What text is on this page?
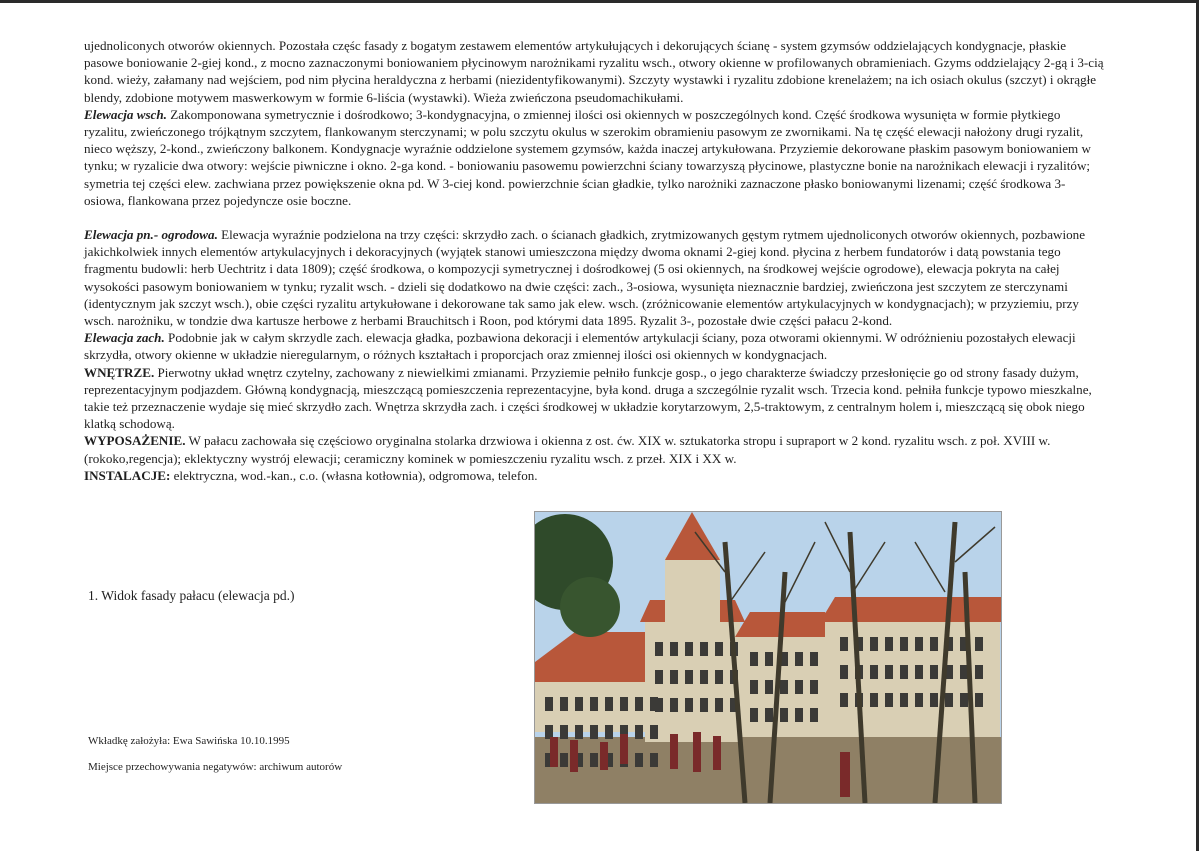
ujednoliconych otworów okiennych. Pozostała częśc fasady z bogatym zestawem elementów artykułujących i dekorujących ścianę - system gzymsów oddzielających kondygnacje, płaskie pasowe boniowanie 2-giej kond., z mocno zaznaczonymi boniowaniem płycinowym narożnikami ryzalitu wsch., otwory okienne w profilowanych obramieniach. Gzyms oddzielający 2-gą i 3-cią kond. wieży, załamany nad wejściem, pod nim płycina heraldyczna z herbami (niezidentyfikowanymi). Szczyty wystawki i ryzalitu zdobione krenelażem; na ich osiach okulus (szczyt) i okrągłe blendy, zdobione motywem maswerkowym w formie 6-liścia (wystawki). Wieża zwieńczona pseudomachikułami.

Elewacja wsch. Zakomponowana symetrycznie i dośrodkowo; 3-kondygnacyjna, o zmiennej ilości osi okiennych w poszczególnych kond. Część środkowa wysunięta w formie płytkiego ryzalitu, zwieńczonego trójkątnym szczytem, flankowanym sterczynami; w polu szczytu okulus w szerokim obramieniu pasowym ze zwornikami. Na tę część elewacji nałożony drugi ryzalit, nieco węższy, 2-kond., zwieńczony balkonem. Kondygnacje wyraźnie oddzielone systemem gzymsów, każda inaczej artykułowana. Przyziemie dekorowane płaskim pasowym boniowaniem w tynku; w ryzalicie dwa otwory: wejście piwniczne i okno. 2-ga kond. - boniowaniu pasowemu powierzchni ściany towarzyszą płycinowe, plastyczne bonie na narożnikach elewacji i ryzalitów; symetria tej części elew. zachwiana przez powiększenie okna pd. W 3-ciej kond. powierzchnie ścian gładkie, tylko narożniki zaznaczone płasko boniowanymi lizenami; część środkowa 3-osiowa, flankowana przez pojedyncze osie boczne.

Elewacja pn.- ogrodowa. Elewacja wyraźnie podzielona na trzy części: skrzydło zach. o ścianach gładkich, zrytmizowanych gęstym rytmem ujednoliconych otworów okiennych, pozbawione jakichkolwiek innych elementów artykulacyjnych i dekoracyjnych (wyjątek stanowi umieszczona między dwoma oknami 2-giej kond. płycina z herbem fundatorów i datą powstania tego fragmentu budowli: herb Uechtritz i data 1809); część środkowa, o kompozycji symetrycznej i dośrodkowej (5 osi okiennych, na środkowej wejście ogrodowe), elewacja pokryta na całej wysokości pasowym boniowaniem w tynku; ryzalit wsch. - dzieli się dodatkowo na dwie części: zach., 3-osiowa, wysunięta nieznacznie bardziej, zwieńczona jest szczytem ze sterczynami (identycznym jak szczyt wsch.), obie części ryzalitu artykułowane i dekorowane tak samo jak elew. wsch. (zróżnicowanie elementów artykulacyjnych w kondygnacjach); w przyziemiu, przy wsch. narożniku, w tondzie dwa kartusze herbowe z herbami Brauchitsch i Roon, pod którymi data 1895. Ryzalit 3-, pozostałe dwie części pałacu 2-kond.

Elewacja zach. Podobnie jak w całym skrzydle zach. elewacja gładka, pozbawiona dekoracji i elementów artykulacji ściany, poza otworami okiennymi. W odróżnieniu pozostałych elewacji skrzydła, otwory okienne w układzie nieregularnym, o różnych kształtach i proporcjach oraz zmiennej ilości osi okiennych w kondygnacjach.

WNĘTRZE. Pierwotny układ wnętrz czytelny, zachowany z niewielkimi zmianami. Przyziemie pełniło funkcje gosp., o jego charakterze świadczy przesłonięcie go od strony fasady dużym, reprezentacyjnym podjazdem. Główną kondygnacją, mieszczącą pomieszczenia reprezentacyjne, była kond. druga a szczególnie ryzalit wsch. Trzecia kond. pełniła funkcje typowo mieszkalne, takie też przeznaczenie wydaje się mieć skrzydło zach. Wnętrza skrzydła zach. i części środkowej w układzie korytarzowym, 2,5-traktowym, z centralnym holem i, mieszczącą się obok niego klatką schodową.

WYPOSAŻENIE. W pałacu zachowała się częściowo oryginalna stolarka drzwiowa i okienna z ost. ćw. XIX w. sztukatorka stropu i supraport w 2 kond. ryzalitu wsch. z poł. XVIII w. (rokoko,regencja); eklektyczny wystrój elewacji; ceramiczny kominek w pomieszczeniu ryzalitu wsch. z przeł. XIX i XX w.

INSTALACJE: elektryczna, wod.-kan., c.o. (własna kotłownia), odgromowa, telefon.

1. Widok fasady pałacu (elewacja pd.)
Wkładkę założyła: Ewa Sawińska 10.10.1995
Miejsce przechowywania negatywów: archiwum autorów
